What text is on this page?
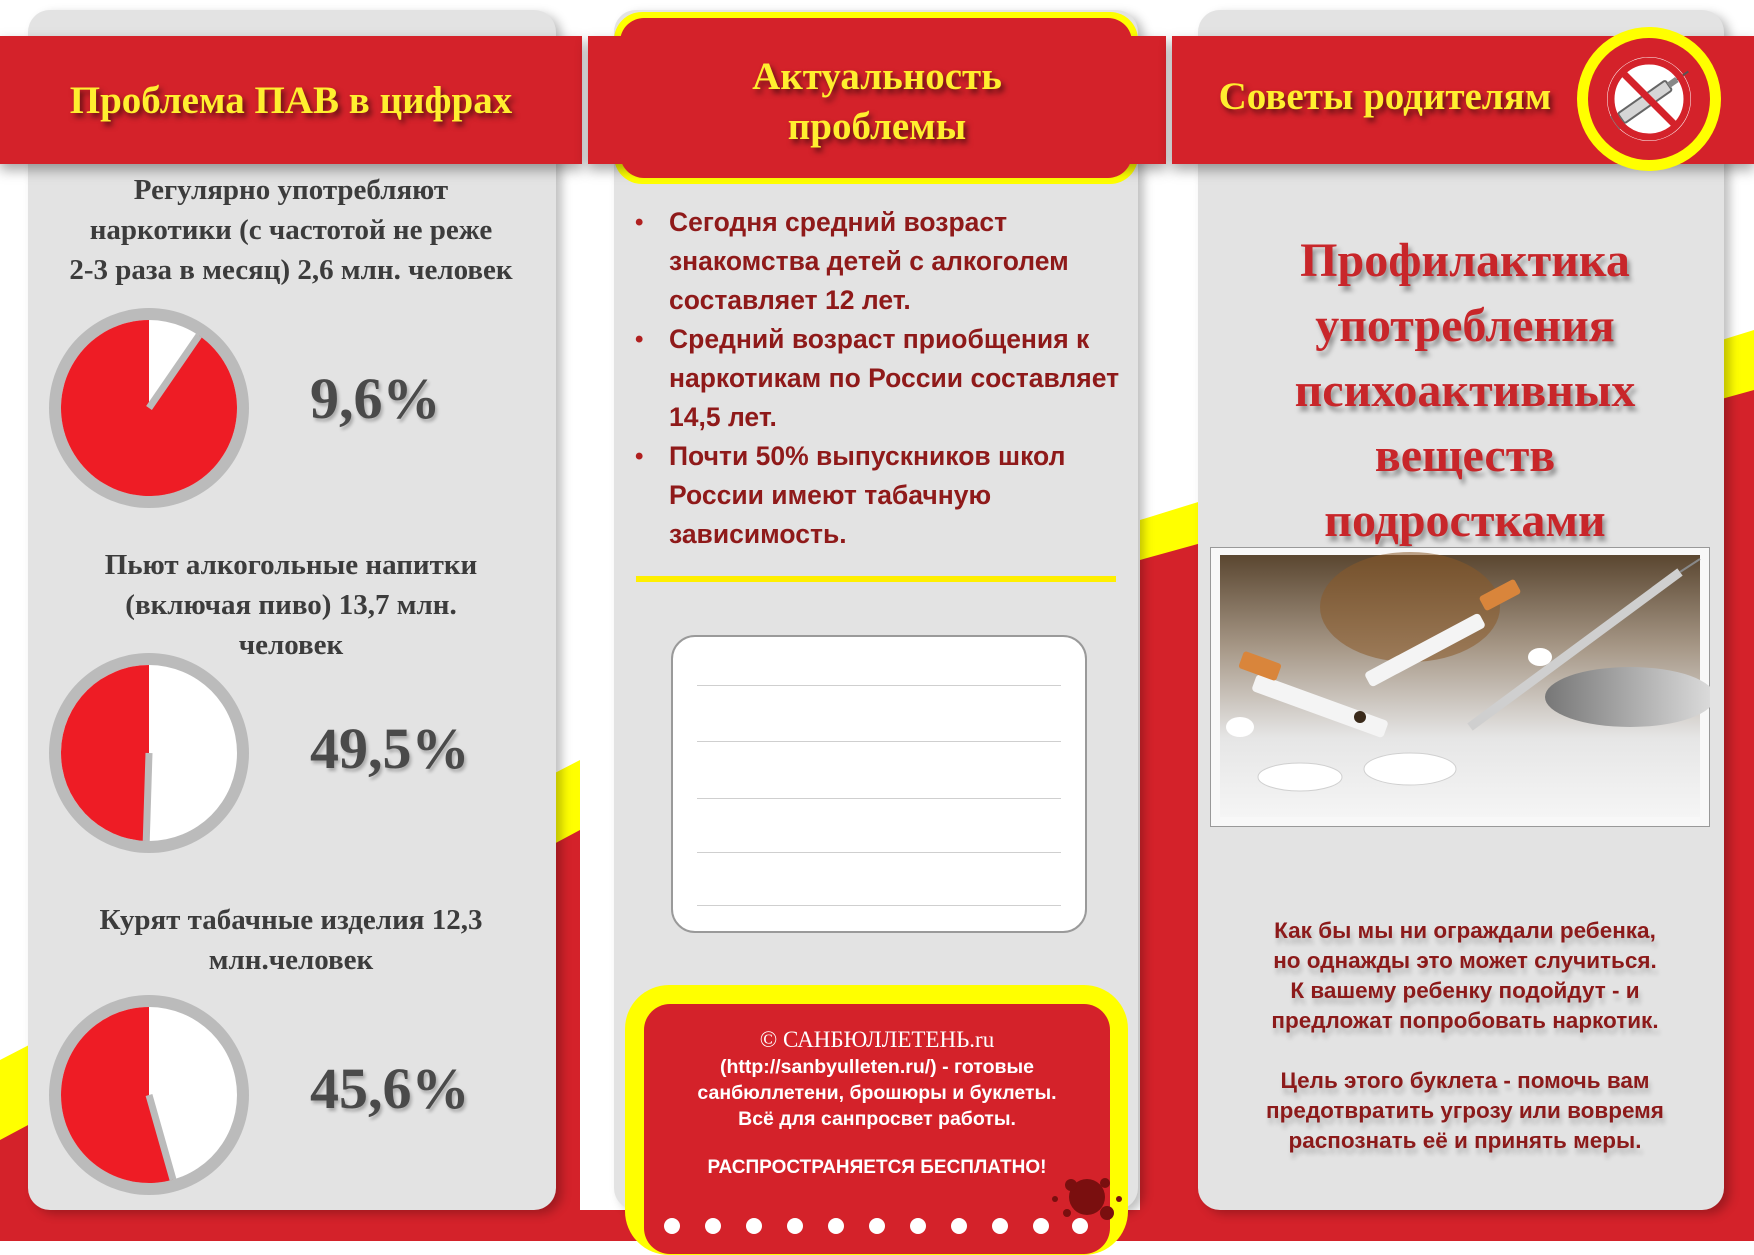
Проблема ПАВ в цифрах
Актуальность
проблемы
Советы родителям
Регулярно употребляют
наркотики (с частотой не реже
2-3 раза в месяц) 2,6 млн. человек
9,6%
Пьют алкогольные напитки
(включая пиво) 13,7 млн.
человек
49,5%
Курят табачные изделия 12,3
млн.человек
45,6%
• Сегодня средний возраст знакомства детей с алкоголем составляет 12 лет.
• Средний возраст приобщения к наркотикам по России составляет 14,5 лет.
• Почти 50% выпускников школ России имеют табачную зависимость.
© САНБЮЛЛЕТЕНЬ.ru
(http://sanbyulleten.ru/) - готовые
санбюллетени, брошюры и буклеты.
Всё для санпросвет работы.
РАСПРОСТРАНЯЕТСЯ БЕСПЛАТНО!
Профилактика
употребления
психоактивных веществ
подростками
Как бы мы ни ограждали ребенка,
но однажды это может случиться.
К вашему ребенку подойдут - и
предложат попробовать наркотик.
Цель этого буклета - помочь вам
предотвратить угрозу или вовремя
распознать её и принять меры.
